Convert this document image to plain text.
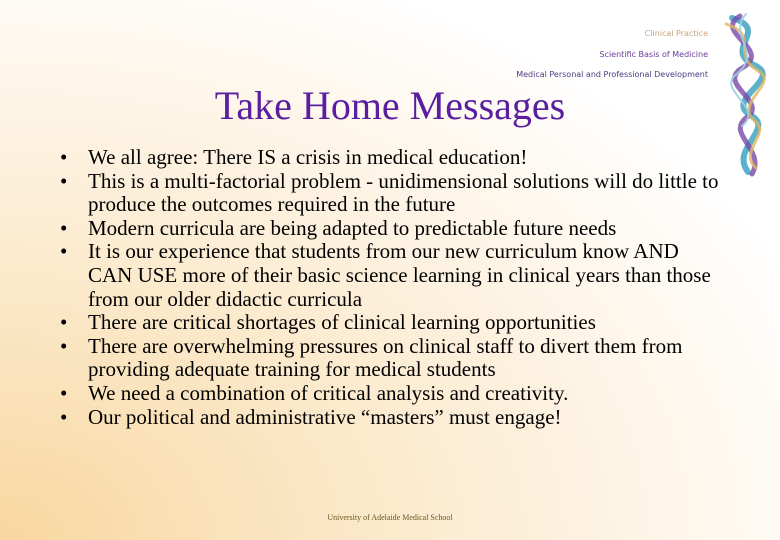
Clinical Practice
Scientific Basis of Medicine
Medical Personal and Professional Development
Take Home Messages
• We all agree: There IS a crisis in medical education!
• This is a multi-factorial problem - unidimensional solutions will do little to produce the outcomes required in the future
• Modern curricula are being adapted to predictable future needs
• It is our experience that students from our new curriculum know AND CAN USE more of their basic science learning in clinical years than those from our older didactic curricula
• There are critical shortages of clinical learning opportunities
• There are overwhelming pressures on clinical staff to divert them from providing adequate training for medical students
• We need a combination of critical analysis and creativity.
• Our political and administrative “masters” must engage!
University of Adelaide Medical School
